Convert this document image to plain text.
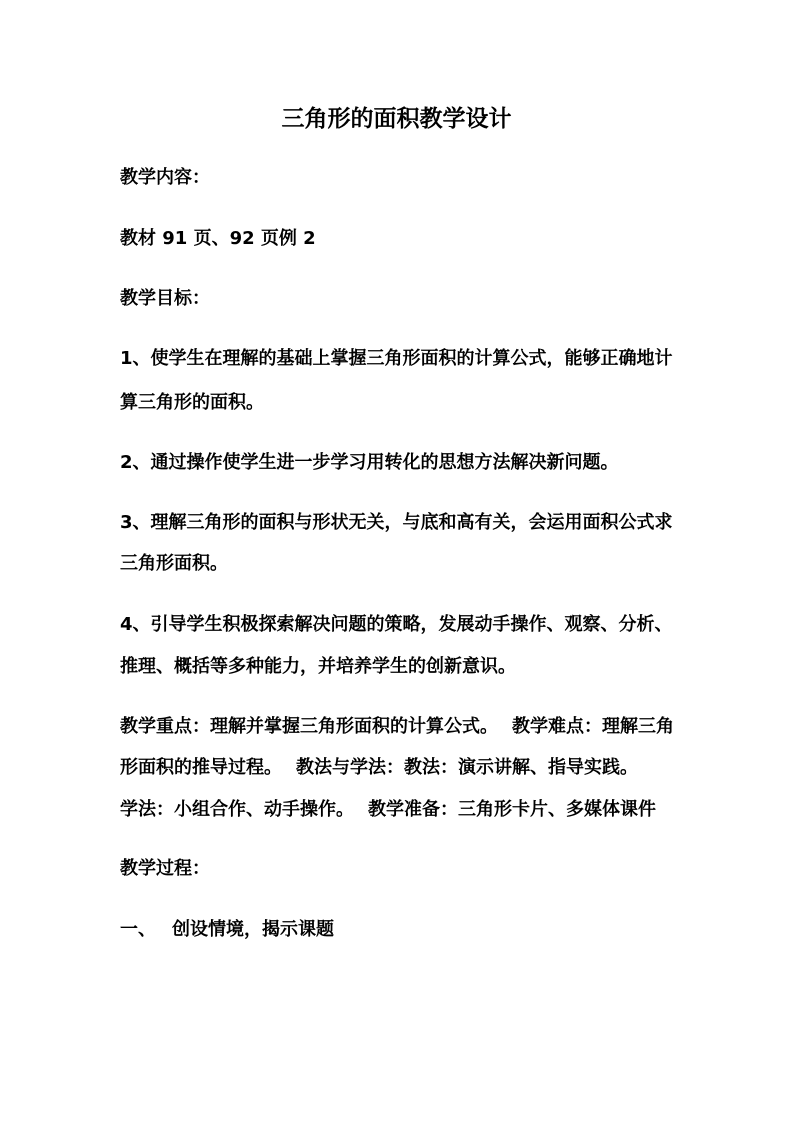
三角形的面积教学设计
教学内容：
教材 91 页、92 页例 2
教学目标：
1、使学生在理解的基础上掌握三角形面积的计算公式，能够正确地计
算三角形的面积。
2、通过操作使学生进一步学习用转化的思想方法解决新问题。
3、理解三角形的面积与形状无关，与底和高有关，会运用面积公式求
三角形面积。
4、引导学生积极探索解决问题的策略，发展动手操作、观察、分析、
推理、概括等多种能力，并培养学生的创新意识。
教学重点：理解并掌握三角形面积的计算公式。 教学难点：理解三角
形面积的推导过程。 教法与学法：教法：演示讲解、指导实践。
学法：小组合作、动手操作。 教学准备：三角形卡片、多媒体课件
教学过程：
一、 创设情境，揭示课题
